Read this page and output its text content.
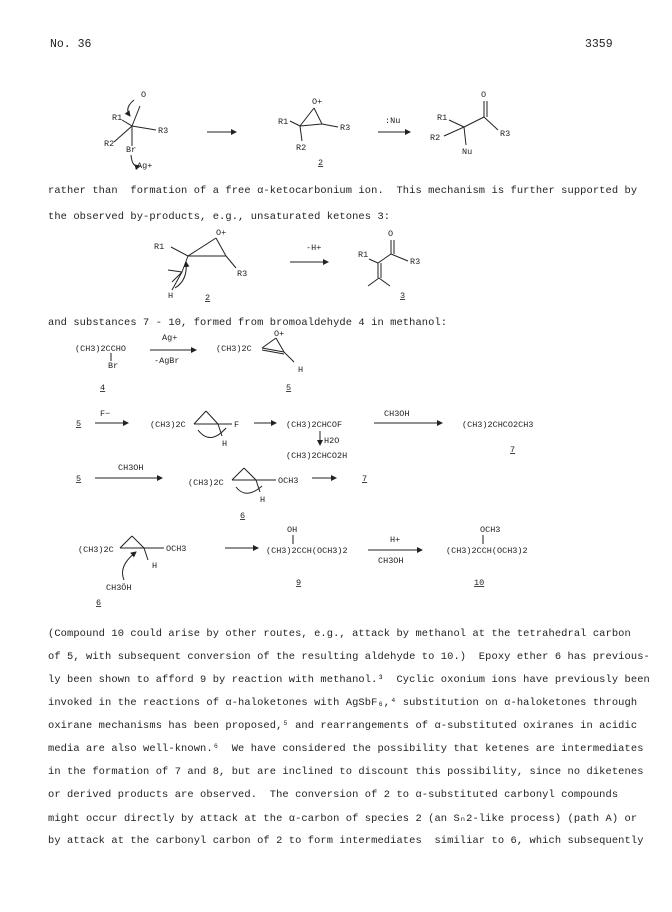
No. 36	3359
R1
R2
R3
O
Br
Ag+
O+
R1
R3
R2
2
:Nu
O
R1
R2	R3
Nu
O+
R1
R3
H	2
-H+
O
R1
R3
3
(CH3)2CCHO
Br
Ag+
-AgBr
(CH3)2C
O+
H
4	5
5
F−
(CH3)2C	F
H
(CH3)2CHCOF
CH3OH
(CH3)2CHCO2CH3
7
H2O
(CH3)2CHCO2H
5
CH3OH
(CH3)2C	OCH3
H
7
6
(CH3)2C	OCH3
H
CH3ÖH
6
OH
(CH3)2CCH(OCH3)2
9
H+
CH3OH
OCH3
(CH3)2CCH(OCH3)2
10
rather than  formation of a free α-ketocarbonium ion.  This mechanism is further supported by
the observed by-products, e.g., unsaturated ketones 3:
and substances 7 - 10, formed from bromoaldehyde 4 in methanol:
(Compound 10 could arise by other routes, e.g., attack by methanol at the tetrahedral carbon
of 5, with subsequent conversion of the resulting aldehyde to 10.)  Epoxy ether 6 has previous-
ly been shown to afford 9 by reaction with methanol.³  Cyclic oxonium ions have previously been
invoked in the reactions of α-haloketones with AgSbF₆,⁴ substitution on α-haloketones through
oxirane mechanisms has been proposed,⁵ and rearrangements of α-substituted oxiranes in acidic
media are also well-known.⁶  We have considered the possibility that ketenes are intermediates
in the formation of 7 and 8, but are inclined to discount this possibility, since no diketenes
or derived products are observed.  The conversion of 2 to α-substituted carbonyl compounds
might occur directly by attack at the α-carbon of species 2 (an Sₙ2-like process) (path A) or
by attack at the carbonyl carbon of 2 to form intermediates  similiar to 6, which subsequently
